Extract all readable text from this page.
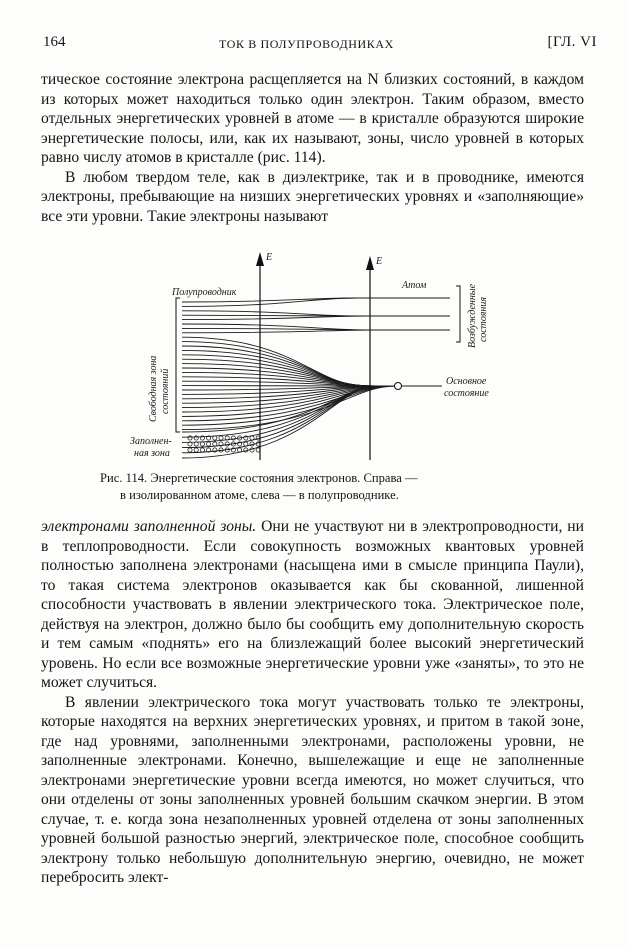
164	ТОК В ПОЛУПРОВОДНИКАХ	[ГЛ. VI

тическое состояние электрона расщепляется на N близких состояний, в каждом из которых может находиться только один электрон. Таким образом, вместо отдельных энергетических уровней в атоме — в кристалле образуются широкие энергетические полосы, или, как их называют, зоны, число уровней в которых равно числу атомов в кристалле (рис. 114).

В любом твердом теле, как в диэлектрике, так и в проводнике, имеются электроны, пребывающие на низших энергетических уровнях и «заполняющие» все эти уровни. Такие электроны называют

E	E
Полупроводник
Атом
Свободная зона состояний
Возбужденные состояния
Заполнен-
ная зона
Основное
состояние
Рис. 114. Энергетические состояния электронов. Справа —
в изолированном атоме, слева — в полупроводнике.

электронами заполненной зоны. Они не участвуют ни в электропроводности, ни в теплопроводности. Если совокупность возможных квантовых уровней полностью заполнена электронами (насыщена ими в смысле принципа Паули), то такая система электронов оказывается как бы скованной, лишенной способности участвовать в явлении электрического тока. Электрическое поле, действуя на электрон, должно было бы сообщить ему дополнительную скорость и тем самым «поднять» его на близлежащий более высокий энергетический уровень. Но если все возможные энергетические уровни уже «заняты», то это не может случиться.

В явлении электрического тока могут участвовать только те электроны, которые находятся на верхних энергетических уровнях, и притом в такой зоне, где над уровнями, заполненными электронами, расположены уровни, не заполненные электронами. Конечно, вышележащие и еще не заполненные электронами энергетические уровни всегда имеются, но может случиться, что они отделены от зоны заполненных уровней большим скачком энергии. В этом случае, т. е. когда зона незаполненных уровней отделена от зоны заполненных уровней большой разностью энергий, электрическое поле, способное сообщить электрону только небольшую дополнительную энергию, очевидно, не может перебросить элект-
